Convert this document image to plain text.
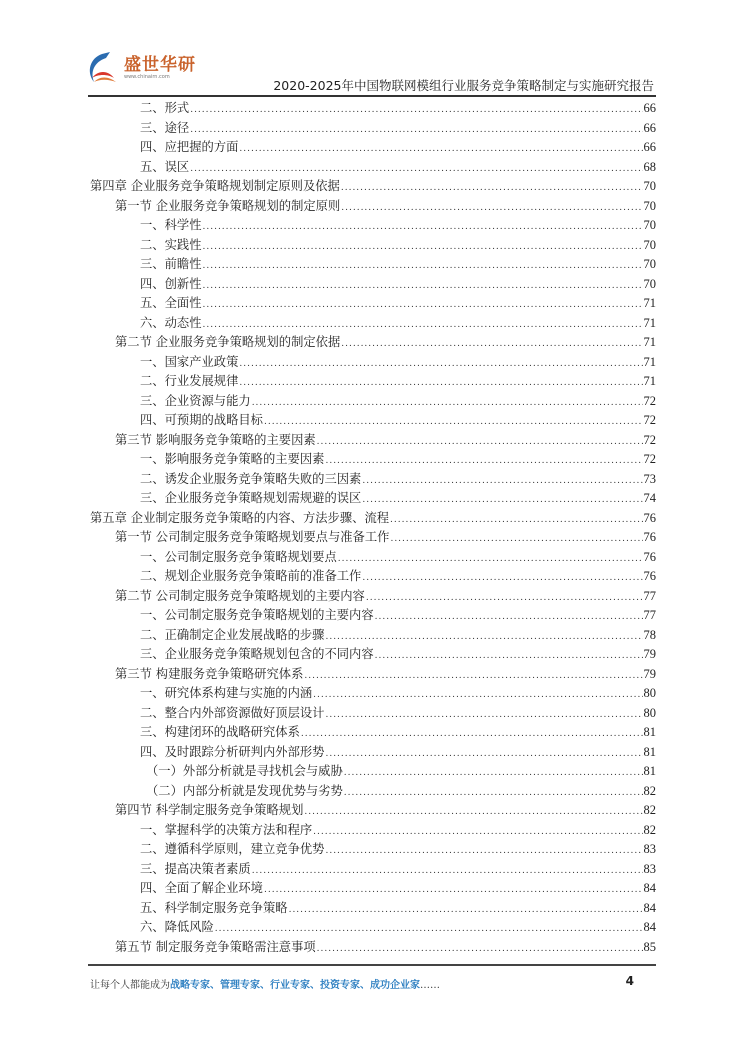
盛世华研
www.chinairn.com
2020-2025年中国物联网模组行业服务竞争策略制定与实施研究报告
二、形式 .....	66
三、途径 .....	66
四、应把握的方面 .....	66
五、误区 .....	68
第四章 企业服务竞争策略规划制定原则及依据 .....	70
第一节 企业服务竞争策略规划的制定原则 .....	70
一、科学性 .....	70
二、实践性 .....	70
三、前瞻性 .....	70
四、创新性 .....	70
五、全面性 .....	71
六、动态性 .....	71
第二节 企业服务竞争策略规划的制定依据 .....	71
一、国家产业政策 .....	71
二、行业发展规律 .....	71
三、企业资源与能力 .....	72
四、可预期的战略目标 .....	72
第三节 影响服务竞争策略的主要因素 .....	72
一、影响服务竞争策略的主要因素 .....	72
二、诱发企业服务竞争策略失败的三因素 .....	73
三、企业服务竞争策略规划需规避的误区 .....	74
第五章 企业制定服务竞争策略的内容、方法步骤、流程 .....	76
第一节 公司制定服务竞争策略规划要点与准备工作 .....	76
一、公司制定服务竞争策略规划要点 .....	76
二、规划企业服务竞争策略前的准备工作 .....	76
第二节 公司制定服务竞争策略规划的主要内容 .....	77
一、公司制定服务竞争策略规划的主要内容 .....	77
二、正确制定企业发展战略的步骤 .....	78
三、企业服务竞争策略规划包含的不同内容 .....	79
第三节 构建服务竞争策略研究体系 .....	79
一、研究体系构建与实施的内涵 .....	80
二、整合内外部资源做好顶层设计 .....	80
三、构建闭环的战略研究体系 .....	81
四、及时跟踪分析研判内外部形势 .....	81
（一）外部分析就是寻找机会与威胁 .....	81
（二）内部分析就是发现优势与劣势 .....	82
第四节 科学制定服务竞争策略规划 .....	82
一、掌握科学的决策方法和程序 .....	82
二、遵循科学原则，建立竞争优势 .....	83
三、提高决策者素质 .....	83
四、全面了解企业环境 .....	84
五、科学制定服务竞争策略 .....	84
六、降低风险 .....	84
第五节 制定服务竞争策略需注意事项 .....	85
让每个人都能成为战略专家、管理专家、行业专家、投资专家、成功企业家……	4
